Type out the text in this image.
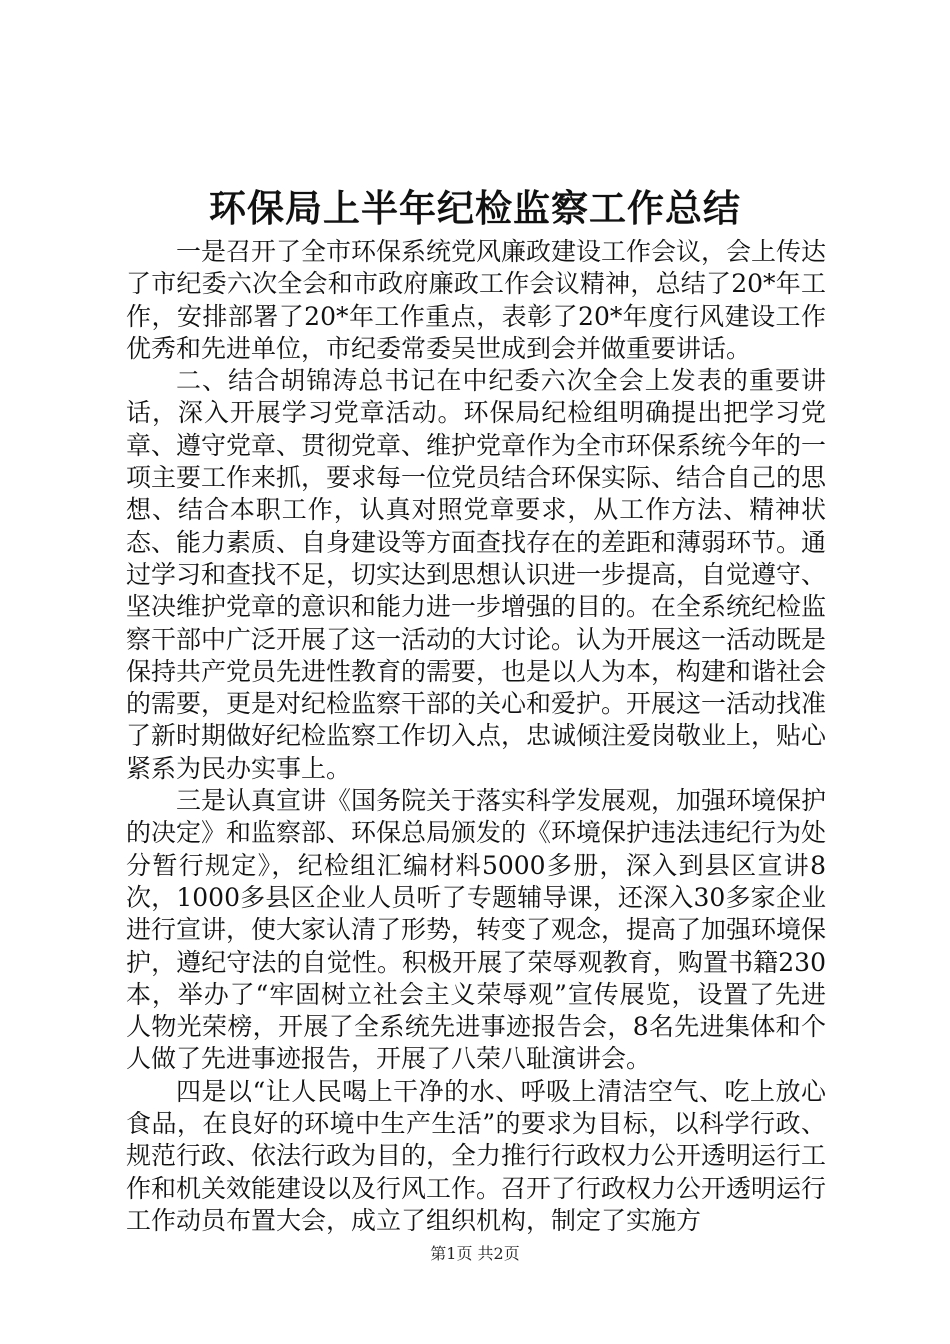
环保局上半年纪检监察工作总结

一是召开了全市环保系统党风廉政建设工作会议，会上传达了市纪委六次全会和市政府廉政工作会议精神，总结了20*年工作，安排部署了20*年工作重点，表彰了20*年度行风建设工作优秀和先进单位，市纪委常委吴世成到会并做重要讲话。

二、结合胡锦涛总书记在中纪委六次全会上发表的重要讲话，深入开展学习党章活动。环保局纪检组明确提出把学习党章、遵守党章、贯彻党章、维护党章作为全市环保系统今年的一项主要工作来抓，要求每一位党员结合环保实际、结合自己的思想、结合本职工作，认真对照党章要求，从工作方法、精神状态、能力素质、自身建设等方面查找存在的差距和薄弱环节。通过学习和查找不足，切实达到思想认识进一步提高，自觉遵守、坚决维护党章的意识和能力进一步增强的目的。在全系统纪检监察干部中广泛开展了这一活动的大讨论。认为开展这一活动既是保持共产党员先进性教育的需要，也是以人为本，构建和谐社会的需要，更是对纪检监察干部的关心和爱护。开展这一活动找准了新时期做好纪检监察工作切入点，忠诚倾注爱岗敬业上，贴心紧系为民办实事上。

三是认真宣讲《国务院关于落实科学发展观，加强环境保护的决定》和监察部、环保总局颁发的《环境保护违法违纪行为处分暂行规定》，纪检组汇编材料5000多册，深入到县区宣讲8次，1000多县区企业人员听了专题辅导课，还深入30多家企业进行宣讲，使大家认清了形势，转变了观念，提高了加强环境保护，遵纪守法的自觉性。积极开展了荣辱观教育，购置书籍230本，举办了“牢固树立社会主义荣辱观”宣传展览，设置了先进人物光荣榜，开展了全系统先进事迹报告会，8名先进集体和个人做了先进事迹报告，开展了八荣八耻演讲会。

四是以“让人民喝上干净的水、呼吸上清洁空气、吃上放心食品，在良好的环境中生产生活”的要求为目标，以科学行政、规范行政、依法行政为目的，全力推行行政权力公开透明运行工作和机关效能建设以及行风工作。召开了行政权力公开透明运行工作动员布置大会，成立了组织机构，制定了实施方

第1页 共2页
